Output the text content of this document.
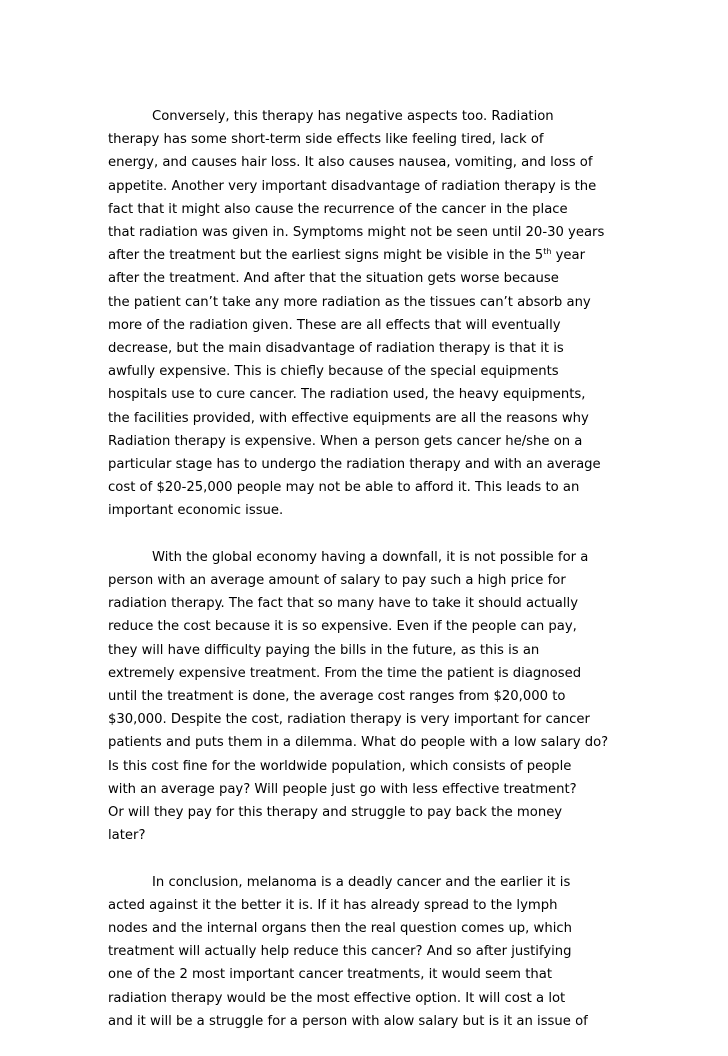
Conversely, this therapy has negative aspects too. Radiation
therapy has some short-term side effects like feeling tired, lack of
energy, and causes hair loss. It also causes nausea, vomiting, and loss of
appetite. Another very important disadvantage of radiation therapy is the
fact that it might also cause the recurrence of the cancer in the place
that radiation was given in. Symptoms might not be seen until 20-30 years
after the treatment but the earliest signs might be visible in the 5th year
after the treatment. And after that the situation gets worse because
the patient can’t take any more radiation as the tissues can’t absorb any
more of the radiation given. These are all effects that will eventually
decrease, but the main disadvantage of radiation therapy is that it is
awfully expensive. This is chiefly because of the special equipments
hospitals use to cure cancer. The radiation used, the heavy equipments,
the facilities provided, with effective equipments are all the reasons why
Radiation therapy is expensive. When a person gets cancer he/she on a
particular stage has to undergo the radiation therapy and with an average
cost of $20-25,000 people may not be able to afford it. This leads to an
important economic issue.
With the global economy having a downfall, it is not possible for a
person with an average amount of salary to pay such a high price for
radiation therapy. The fact that so many have to take it should actually
reduce the cost because it is so expensive. Even if the people can pay,
they will have difficulty paying the bills in the future, as this is an
extremely expensive treatment. From the time the patient is diagnosed
until the treatment is done, the average cost ranges from $20,000 to
$30,000. Despite the cost, radiation therapy is very important for cancer
patients and puts them in a dilemma. What do people with a low salary do?
Is this cost fine for the worldwide population, which consists of people
with an average pay? Will people just go with less effective treatment?
Or will they pay for this therapy and struggle to pay back the money
later?
In conclusion, melanoma is a deadly cancer and the earlier it is
acted against it the better it is. If it has already spread to the lymph
nodes and the internal organs then the real question comes up, which
treatment will actually help reduce this cancer? And so after justifying
one of the 2 most important cancer treatments, it would seem that
radiation therapy would be the most effective option. It will cost a lot
and it will be a struggle for a person with alow salary but is it an issue of
